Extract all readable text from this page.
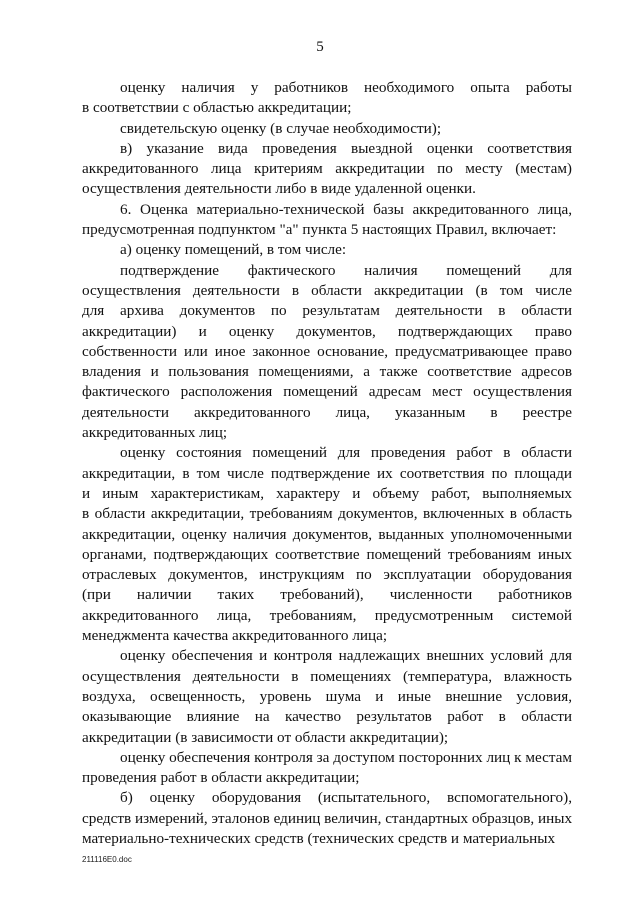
5

оценку наличия у работников необходимого опыта работы
в соответствии с областью аккредитации;

свидетельскую оценку (в случае необходимости);

в) указание вида проведения выездной оценки соответствия
аккредитованного лица критериям аккредитации по месту (местам)
осуществления деятельности либо в виде удаленной оценки.

6. Оценка материально-технической базы аккредитованного лица,
предусмотренная подпунктом "а" пункта 5 настоящих Правил, включает:

а) оценку помещений, в том числе:

подтверждение фактического наличия помещений для
осуществления деятельности в области аккредитации (в том числе
для архива документов по результатам деятельности в области
аккредитации) и оценку документов, подтверждающих право
собственности или иное законное основание, предусматривающее право
владения и пользования помещениями, а также соответствие адресов
фактического расположения помещений адресам мест осуществления
деятельности аккредитованного лица, указанным в реестре
аккредитованных лиц;

оценку состояния помещений для проведения работ в области
аккредитации, в том числе подтверждение их соответствия по площади
и иным характеристикам, характеру и объему работ, выполняемых
в области аккредитации, требованиям документов, включенных в область
аккредитации, оценку наличия документов, выданных уполномоченными
органами, подтверждающих соответствие помещений требованиям иных
отраслевых документов, инструкциям по эксплуатации оборудования
(при наличии таких требований), численности работников
аккредитованного лица, требованиям, предусмотренным системой
менеджмента качества аккредитованного лица;

оценку обеспечения и контроля надлежащих внешних условий для
осуществления деятельности в помещениях (температура, влажность
воздуха, освещенность, уровень шума и иные внешние условия,
оказывающие влияние на качество результатов работ в области
аккредитации (в зависимости от области аккредитации);

оценку обеспечения контроля за доступом посторонних лиц к местам
проведения работ в области аккредитации;

б) оценку оборудования (испытательного, вспомогательного),
средств измерений, эталонов единиц величин, стандартных образцов, иных
материально-технических средств (технических средств и материальных

211116E0.doc
